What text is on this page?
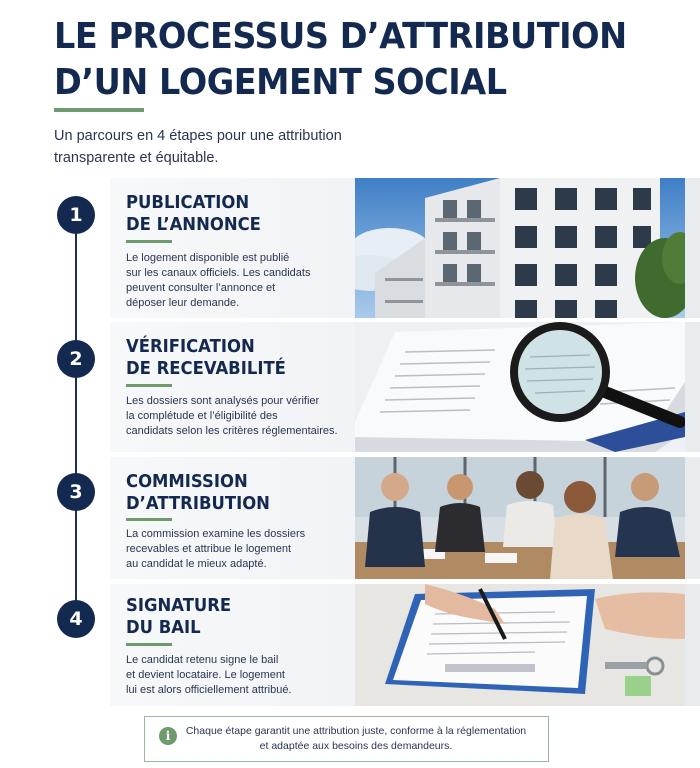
LE PROCESSUS D’ATTRIBUTION
D’UN LOGEMENT SOCIAL
Un parcours en 4 étapes pour une attribution
transparente et équitable.
1
PUBLICATION
DE L’ANNONCE
Le logement disponible est publié
sur les canaux officiels. Les candidats
peuvent consulter l’annonce et
déposer leur demande.
2
VÉRIFICATION
DE RECEVABILITÉ
Les dossiers sont analysés pour vérifier
la complétude et l’éligibilité des
candidats selon les critères réglementaires.
3	COMMISSION
D’ATTRIBUTION
La commission examine les dossiers
recevables et attribue le logement
au candidat le mieux adapté.
4
SIGNATURE
DU BAIL
Le candidat retenu signe le bail
et devient locataire. Le logement
lui est alors officiellement attribué.
i	Chaque étape garantit une attribution juste, conforme à la réglementation
et adaptée aux besoins des demandeurs.
